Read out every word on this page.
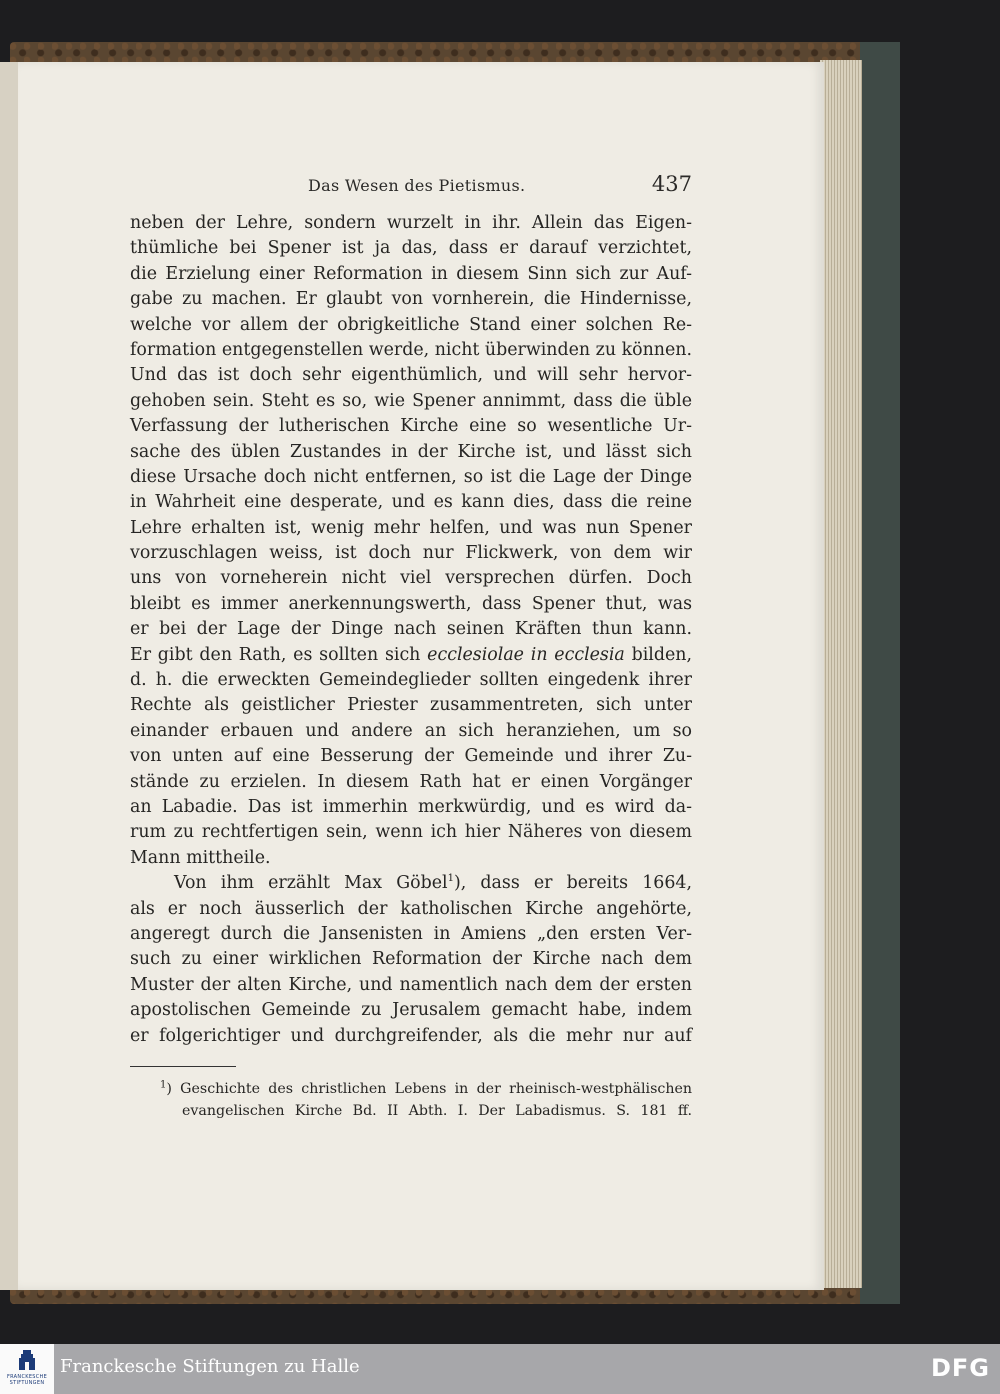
Das Wesen des Pietismus.	437
neben der Lehre, sondern wurzelt in ihr. Allein das Eigen-
thümliche bei Spener ist ja das, dass er darauf verzichtet,
die Erzielung einer Reformation in diesem Sinn sich zur Auf-
gabe zu machen. Er glaubt von vornherein, die Hindernisse,
welche vor allem der obrigkeitliche Stand einer solchen Re-
formation entgegenstellen werde, nicht überwinden zu können.
Und das ist doch sehr eigenthümlich, und will sehr hervor-
gehoben sein. Steht es so, wie Spener annimmt, dass die üble
Verfassung der lutherischen Kirche eine so wesentliche Ur-
sache des üblen Zustandes in der Kirche ist, und lässt sich
diese Ursache doch nicht entfernen, so ist die Lage der Dinge
in Wahrheit eine desperate, und es kann dies, dass die reine
Lehre erhalten ist, wenig mehr helfen, und was nun Spener
vorzuschlagen weiss, ist doch nur Flickwerk, von dem wir
uns von vorneherein nicht viel versprechen dürfen. Doch
bleibt es immer anerkennungswerth, dass Spener thut, was
er bei der Lage der Dinge nach seinen Kräften thun kann.
Er gibt den Rath, es sollten sich ecclesiolae in ecclesia bilden,
d. h. die erweckten Gemeindeglieder sollten eingedenk ihrer
Rechte als geistlicher Priester zusammentreten, sich unter
einander erbauen und andere an sich heranziehen, um so
von unten auf eine Besserung der Gemeinde und ihrer Zu-
stände zu erzielen. In diesem Rath hat er einen Vorgänger
an Labadie. Das ist immerhin merkwürdig, und es wird da-
rum zu rechtfertigen sein, wenn ich hier Näheres von diesem
Mann mittheile.
Von ihm erzählt Max Göbel$^1$), dass er bereits 1664,
als er noch äusserlich der katholischen Kirche angehörte,
angeregt durch die Jansenisten in Amiens „den ersten Ver-
such zu einer wirklichen Reformation der Kirche nach dem
Muster der alten Kirche, und namentlich nach dem der ersten
apostolischen Gemeinde zu Jerusalem gemacht habe, indem
er folgerichtiger und durchgreifender, als die mehr nur auf
$^1$) Geschichte des christlichen Lebens in der rheinisch-westphälischen
evangelischen Kirche Bd. II Abth. I. Der Labadismus. S. 181 ff.
FRANCKESCHE STIFTUNGEN
Franckesche Stiftungen zu Halle	DFG
